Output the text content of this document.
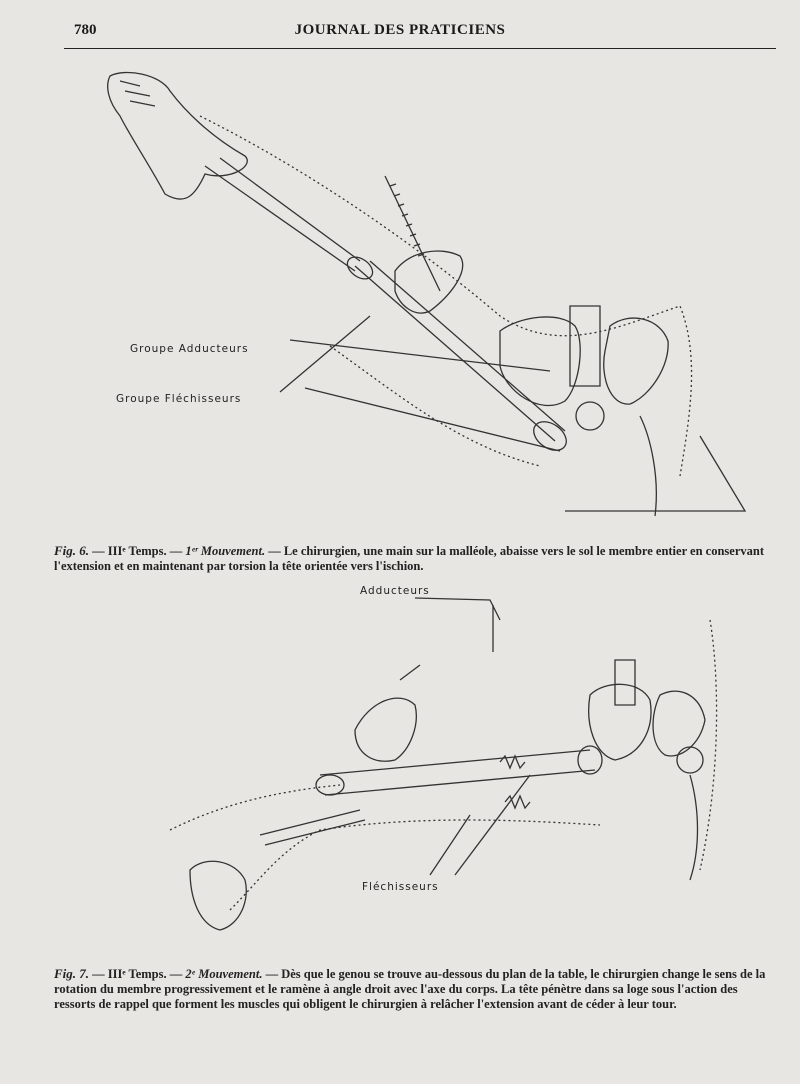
780	JOURNAL DES PRATICIENS
Groupe Adducteurs
Groupe Fléchisseurs
Fig. 6. — IIIᵉ Temps. — 1ᵉʳ Mouvement. — Le chirurgien, une main sur la malléole, abaisse vers le sol le membre entier en conservant l'extension et en maintenant par torsion la tête orientée vers l'ischion.
Adducteurs
Fléchisseurs
Fig. 7. — IIIᵉ Temps. — 2ᵉ Mouvement. — Dès que le genou se trouve au-dessous du plan de la table, le chirurgien change le sens de la rotation du membre progressivement et le ramène à angle droit avec l'axe du corps. La tête pénètre dans sa loge sous l'action des ressorts de rappel que forment les muscles qui obligent le chirurgien à relâcher l'extension avant de céder à leur tour.
